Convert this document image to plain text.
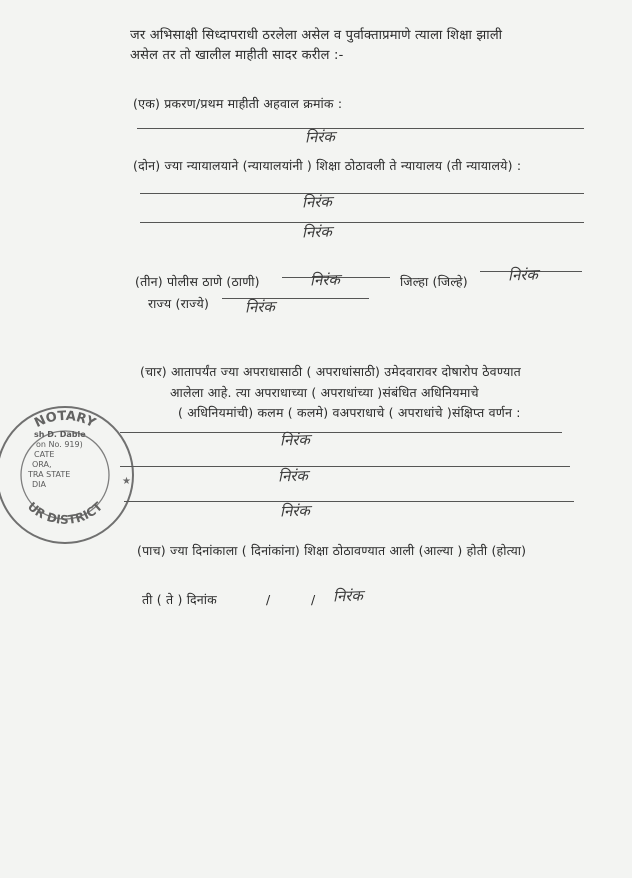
जर अभिसाक्षी सिध्दापराधी ठरलेला असेल व पुर्वाक्ताप्रमाणे त्याला शिक्षा झाली
असेल तर तो खालील माहीती सादर करील :-
(एक) प्रकरण/प्रथम माहीती अहवाल क्रमांक :
निरंक
(दोन) ज्या न्यायालयाने (न्यायालयांनी ) शिक्षा ठोठावली ते न्यायालय (ती न्यायालये) :
निरंक
निरंक
(तीन) पोलीस ठाणे (ठाणी)	निरंक	जिल्हा (जिल्हे)	निरंक
राज्य (राज्ये) निरंक
(चार) आतापर्यंत ज्या अपराधासाठी ( अपराधांसाठी) उमेदवारावर दोषारोप ठेवण्यात
आलेला आहे. त्या अपराधाच्या ( अपराधांच्या )संबंधित अधिनियमाचे
( अधिनियमांची) कलम ( कलमे) वअपराधाचे ( अपराधांचे )संक्षिप्त वर्णन :
निरंक
निरंक
निरंक
(पाच) ज्या दिनांकाला ( दिनांकांना) शिक्षा ठोठावण्यात आली (आल्या ) होती (होत्या)
ती ( ते ) दिनांक	/	/ निरंक
NOTARY
UR DISTRICT
★
sh D. Dable
on No. 919)
CATE
ORA,
TRA STATE
DIA
